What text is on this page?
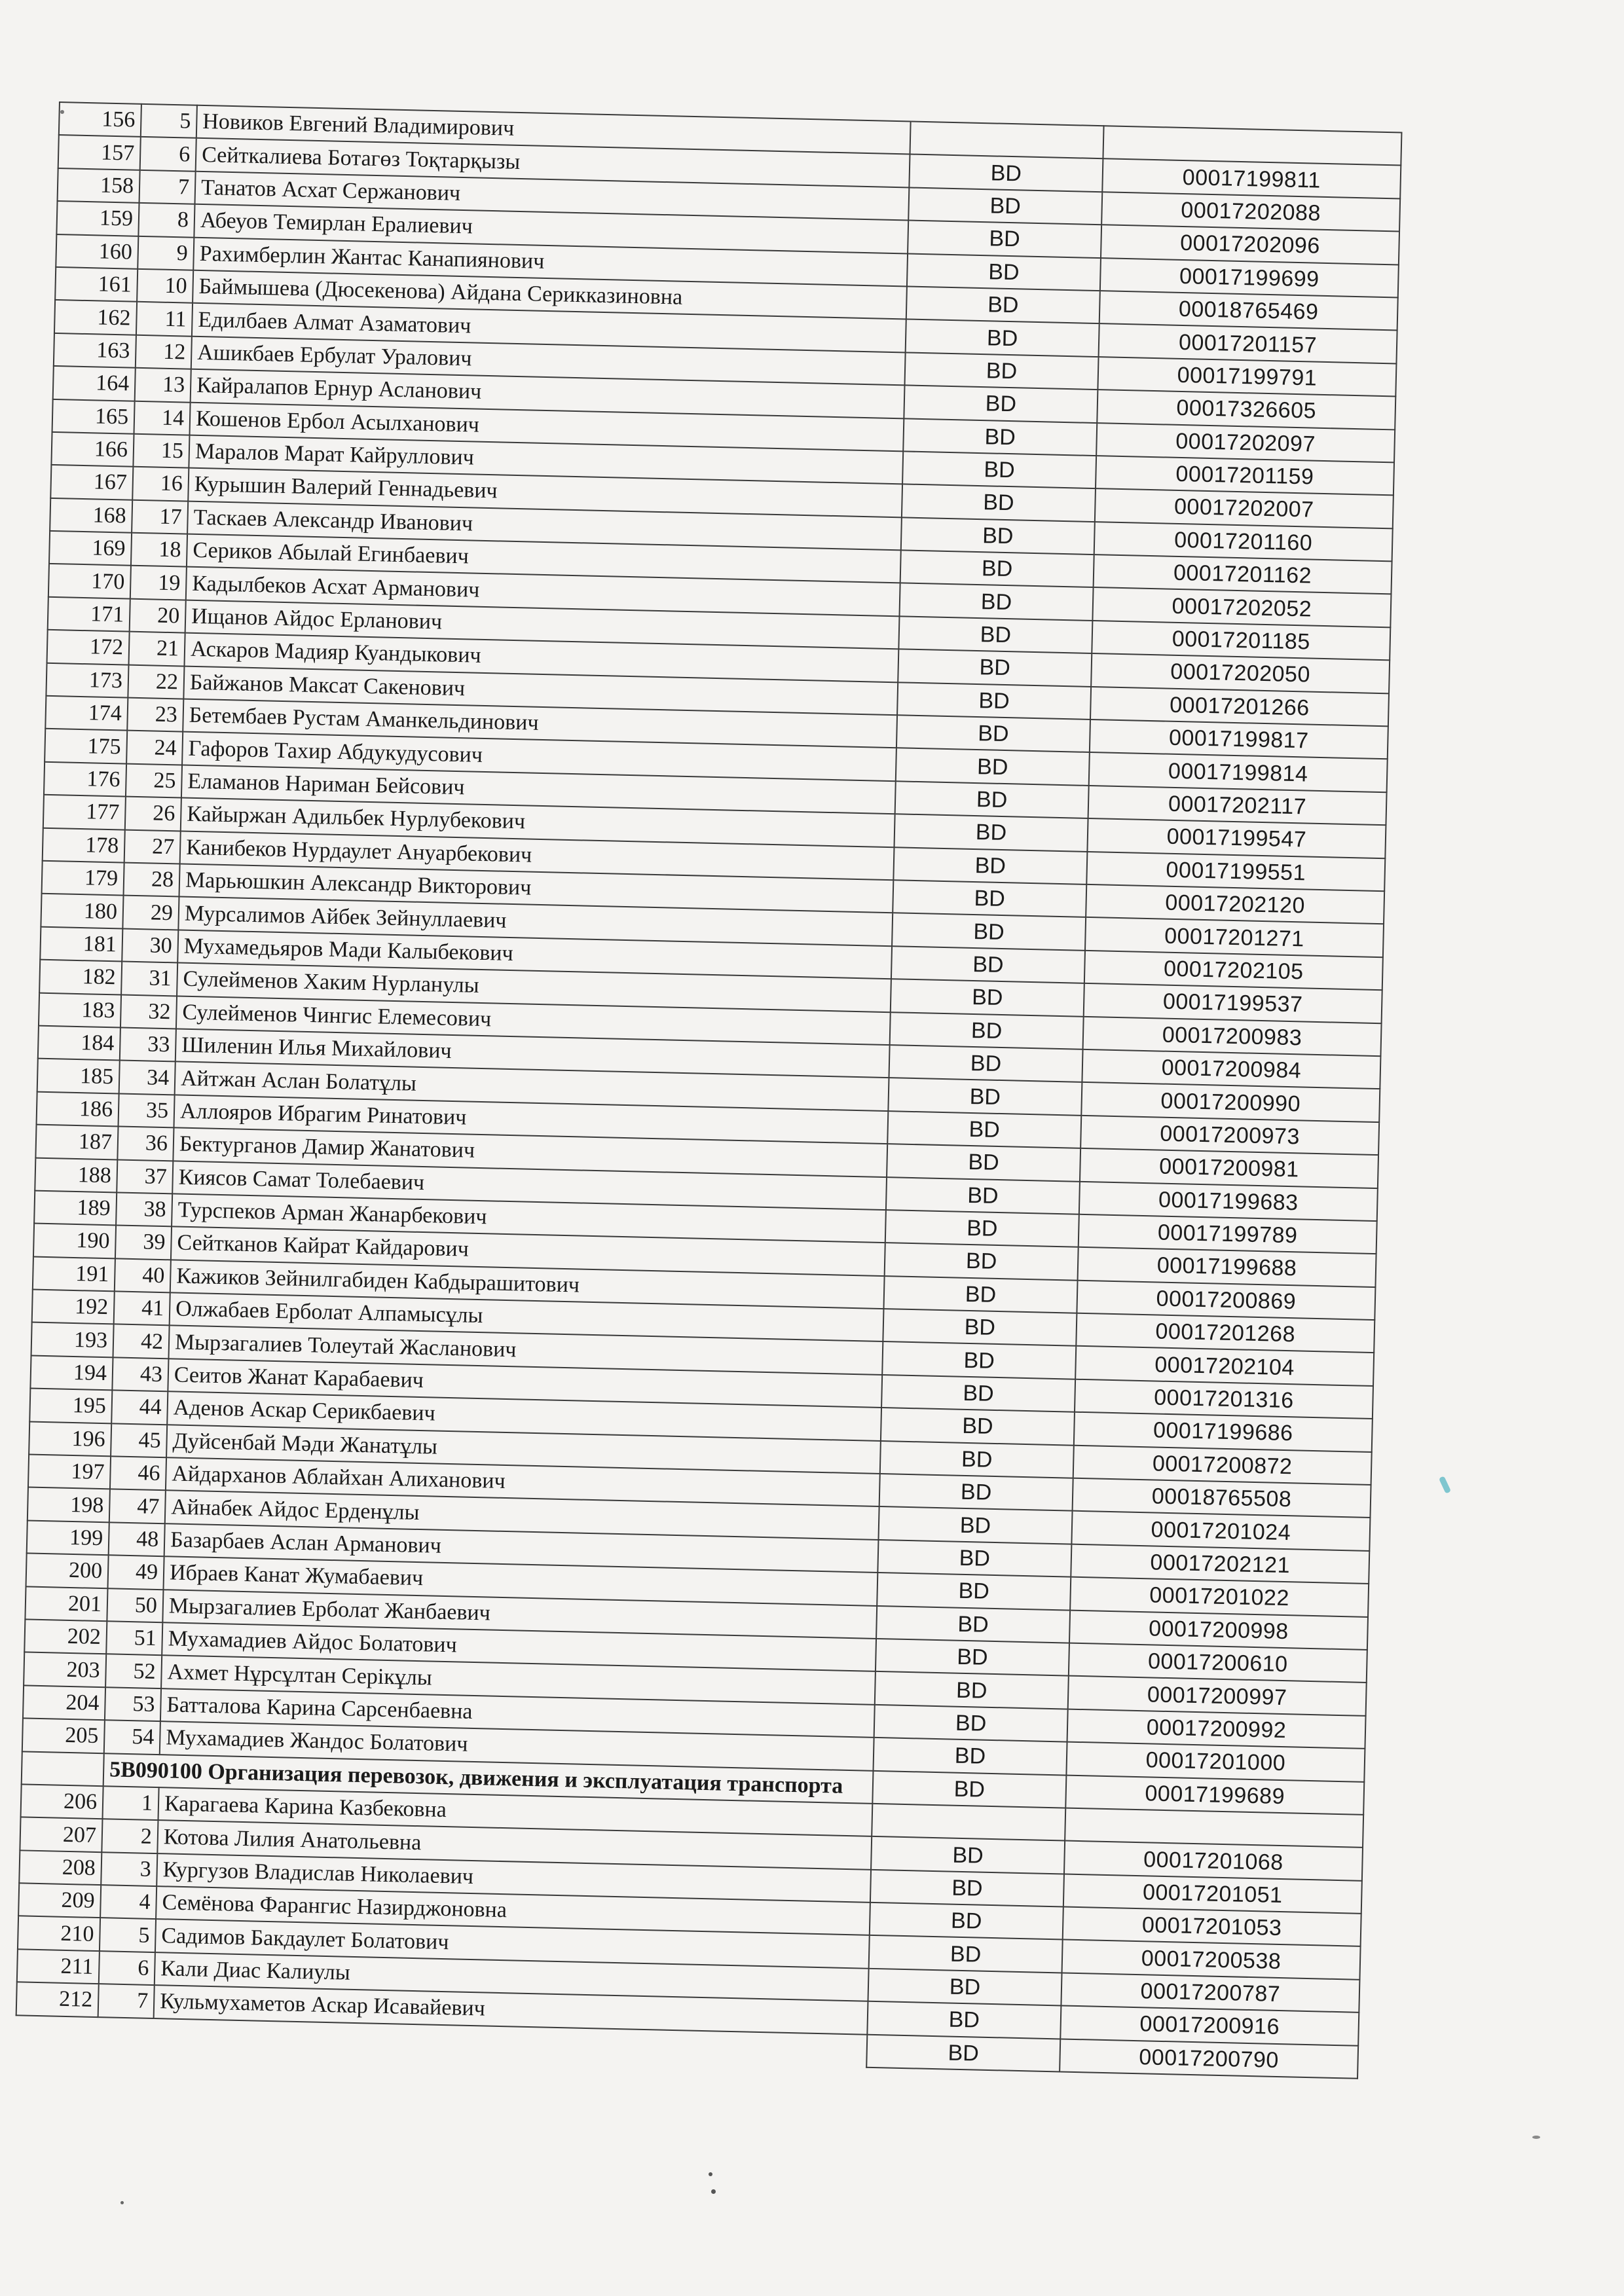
156	5	Новиков Евгений Владимирович		
157	6	Сейткалиева Ботагөз Тоқтарқызы	BD	00017199811
158	7	Танатов Асхат Сержанович	BD	00017202088
159	8	Абеуов Темирлан Ералиевич	BD	00017202096
160	9	Рахимберлин Жантас Канапиянович	BD	00017199699
161	10	Баймышева (Дюсекенова) Айдана Серикказиновна	BD	00018765469
162	11	Едилбаев Алмат Азаматович	BD	00017201157
163	12	Ашикбаев Ербулат Уралович	BD	00017199791
164	13	Кайралапов Ернур Асланович	BD	00017326605
165	14	Кошенов Ербол Асылханович	BD	00017202097
166	15	Маралов Марат Кайруллович	BD	00017201159
167	16	Курышин Валерий Геннадьевич	BD	00017202007
168	17	Таскаев Александр Иванович	BD	00017201160
169	18	Сериков Абылай Егинбаевич	BD	00017201162
170	19	Кадылбеков Асхат Арманович	BD	00017202052
171	20	Ищанов Айдос Ерланович	BD	00017201185
172	21	Аскаров Мадияр Куандыкович	BD	00017202050
173	22	Байжанов Максат Сакенович	BD	00017201266
174	23	Бетембаев Рустам Аманкельдинович	BD	00017199817
175	24	Гафоров Тахир Абдукудусович	BD	00017199814
176	25	Еламанов Нариман Бейсович	BD	00017202117
177	26	Кайыржан Адильбек Нурлубекович	BD	00017199547
178	27	Канибеков Нурдаулет Ануарбекович	BD	00017199551
179	28	Марьюшкин Александр Викторович	BD	00017202120
180	29	Мурсалимов Айбек Зейнуллаевич	BD	00017201271
181	30	Мухамедьяров Мади Калыбекович	BD	00017202105
182	31	Сулейменов Хаким Нурланулы	BD	00017199537
183	32	Сулейменов Чингис Елемесович	BD	00017200983
184	33	Шиленин Илья Михайлович	BD	00017200984
185	34	Айтжан Аслан Болатұлы	BD	00017200990
186	35	Аллояров Ибрагим Ринатович	BD	00017200973
187	36	Бектурганов Дамир Жанатович	BD	00017200981
188	37	Киясов Самат Толебаевич	BD	00017199683
189	38	Турспеков Арман Жанарбекович	BD	00017199789
190	39	Сейтканов Кайрат Кайдарович	BD	00017199688
191	40	Кажиков Зейнилгабиден Кабдырашитович	BD	00017200869
192	41	Олжабаев Ерболат Алпамысұлы	BD	00017201268
193	42	Мырзагалиев Толеутай Жасланович	BD	00017202104
194	43	Сеитов Жанат Карабаевич	BD	00017201316
195	44	Аденов Аскар Серикбаевич	BD	00017199686
196	45	Дуйсенбай Мәди Жанатұлы	BD	00017200872
197	46	Айдарханов Аблайхан Алиханович	BD	00018765508
198	47	Айнабек Айдос Ерденұлы	BD	00017201024
199	48	Базарбаев Аслан Арманович	BD	00017202121
200	49	Ибраев Канат Жумабаевич	BD	00017201022
201	50	Мырзагалиев Ерболат Жанбаевич	BD	00017200998
202	51	Мухамадиев Айдос Болатович	BD	00017200610
203	52	Ахмет Нұрсұлтан Серікұлы	BD	00017200997
204	53	Батталова Карина Сарсенбаевна	BD	00017200992
205	54	Мухамадиев Жандос Болатович	BD	00017201000
	5В090100 Организация перевозок, движения и эксплуатация транспорта		BD	00017199689
206	1	Карагаева Карина Казбековна		
207	2	Котова Лилия Анатольевна	BD	00017201068
208	3	Кургузов Владислав Николаевич	BD	00017201051
209	4	Семёнова Фарангис Назирджоновна	BD	00017201053
210	5	Садимов Бакдаулет Болатович	BD	00017200538
211	6	Кали Диас Калиулы	BD	00017200787
212	7	Кульмухаметов Аскар Исавайевич	BD	00017200916
			BD	00017200790
